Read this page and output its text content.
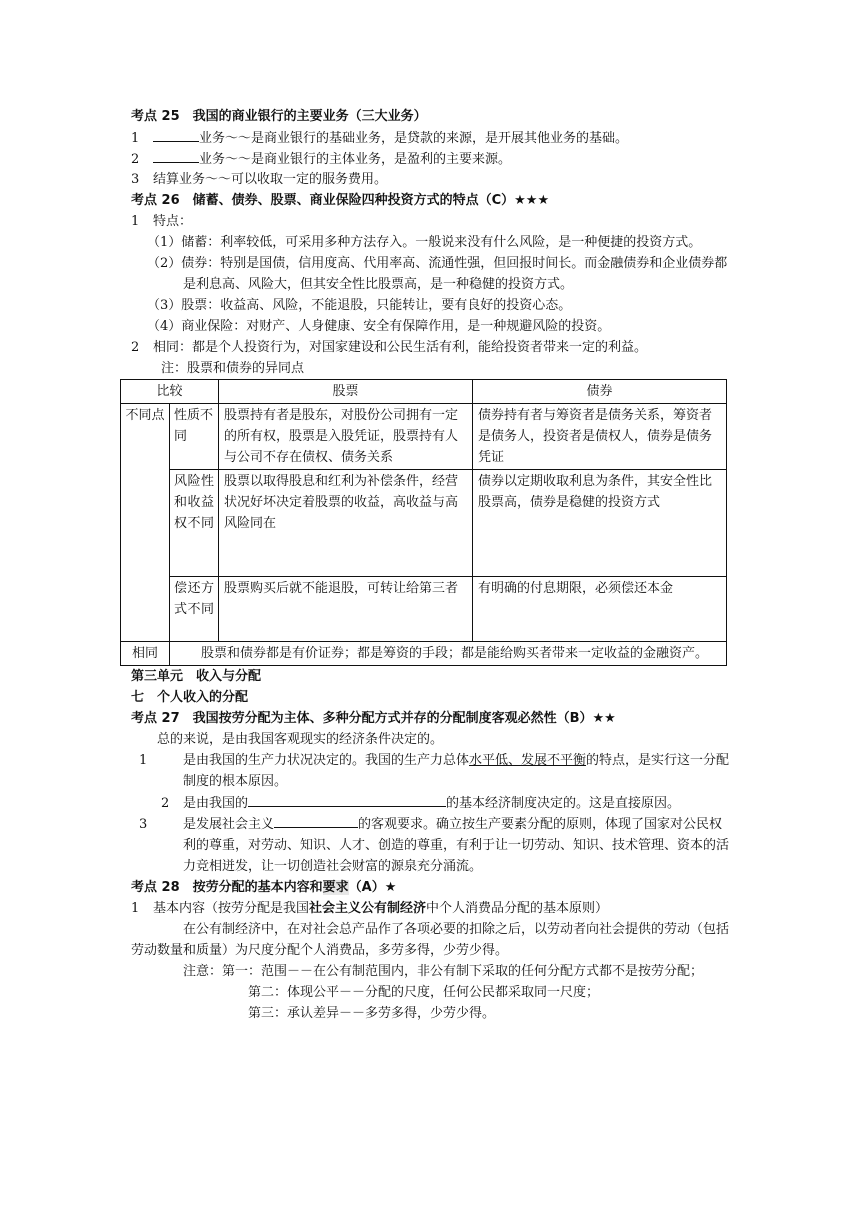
考点 25　我国的商业银行的主要业务（三大业务）
1	业务～～是商业银行的基础业务，是贷款的来源，是开展其他业务的基础。
2	业务～～是商业银行的主体业务，是盈利的主要来源。
3 结算业务～～可以收取一定的服务费用。
考点 26　储蓄、债券、股票、商业保险四种投资方式的特点（C）★★★
1 特点：
（1）储蓄：利率较低，可采用多种方法存入。一般说来没有什么风险，是一种便捷的投资方式。
（2）债券：特别是国债，信用度高、代用率高、流通性强，但回报时间长。而金融债券和企业债券都是利息高、风险大，但其安全性比股票高，是一种稳健的投资方式。
（3）股票：收益高、风险，不能退股，只能转让，要有良好的投资心态。
（4）商业保险：对财产、人身健康、安全有保障作用，是一种规避风险的投资。
2 相同：都是个人投资行为，对国家建设和公民生活有利，能给投资者带来一定的利益。
注：股票和债券的异同点
比较		股票	债券
不同点	性质不同	股票持有者是股东，对股份公司拥有一定的所有权，股票是入股凭证，股票持有人与公司不存在债权、债务关系	债券持有者与筹资者是债务关系，筹资者是债务人，投资者是债权人，债券是债务凭证
	风险性和收益权不同	股票以取得股息和红利为补偿条件，经营状况好坏决定着股票的收益，高收益与高风险同在	债券以定期收取利息为条件，其安全性比股票高，债券是稳健的投资方式
	偿还方式不同	股票购买后就不能退股，可转让给第三者	有明确的付息期限，必须偿还本金
相同	股票和债券都是有价证券；都是筹资的手段；都是能给购买者带来一定收益的金融资产。		
第三单元　收入与分配
七　个人收入的分配
考点 27　我国按劳分配为主体、多种分配方式并存的分配制度客观必然性（B）★★
总的来说，是由我国客观现实的经济条件决定的。
1	是由我国的生产力状况决定的。我国的生产力总体水平低、发展不平衡的特点，是实行这一分配制度的根本原因。
2 是由我国的	的基本经济制度决定的。这是直接原因。
3	是发展社会主义	的客观要求。确立按生产要素分配的原则，体现了国家对公民权利的尊重，对劳动、知识、人才、创造的尊重，有利于让一切劳动、知识、技术管理、资本的活力竞相迸发，让一切创造社会财富的源泉充分涌流。
考点 28　按劳分配的基本内容和要求（A）★
1 基本内容（按劳分配是我国社会主义公有制经济中个人消费品分配的基本原则）
在公有制经济中，在对社会总产品作了各项必要的扣除之后，以劳动者向社会提供的劳动（包括劳动数量和质量）为尺度分配个人消费品，多劳多得，少劳少得。
注意：第一：范围－－在公有制范围内，非公有制下采取的任何分配方式都不是按劳分配；
第二：体现公平－－分配的尺度，任何公民都采取同一尺度；
第三：承认差异－－多劳多得，少劳少得。
